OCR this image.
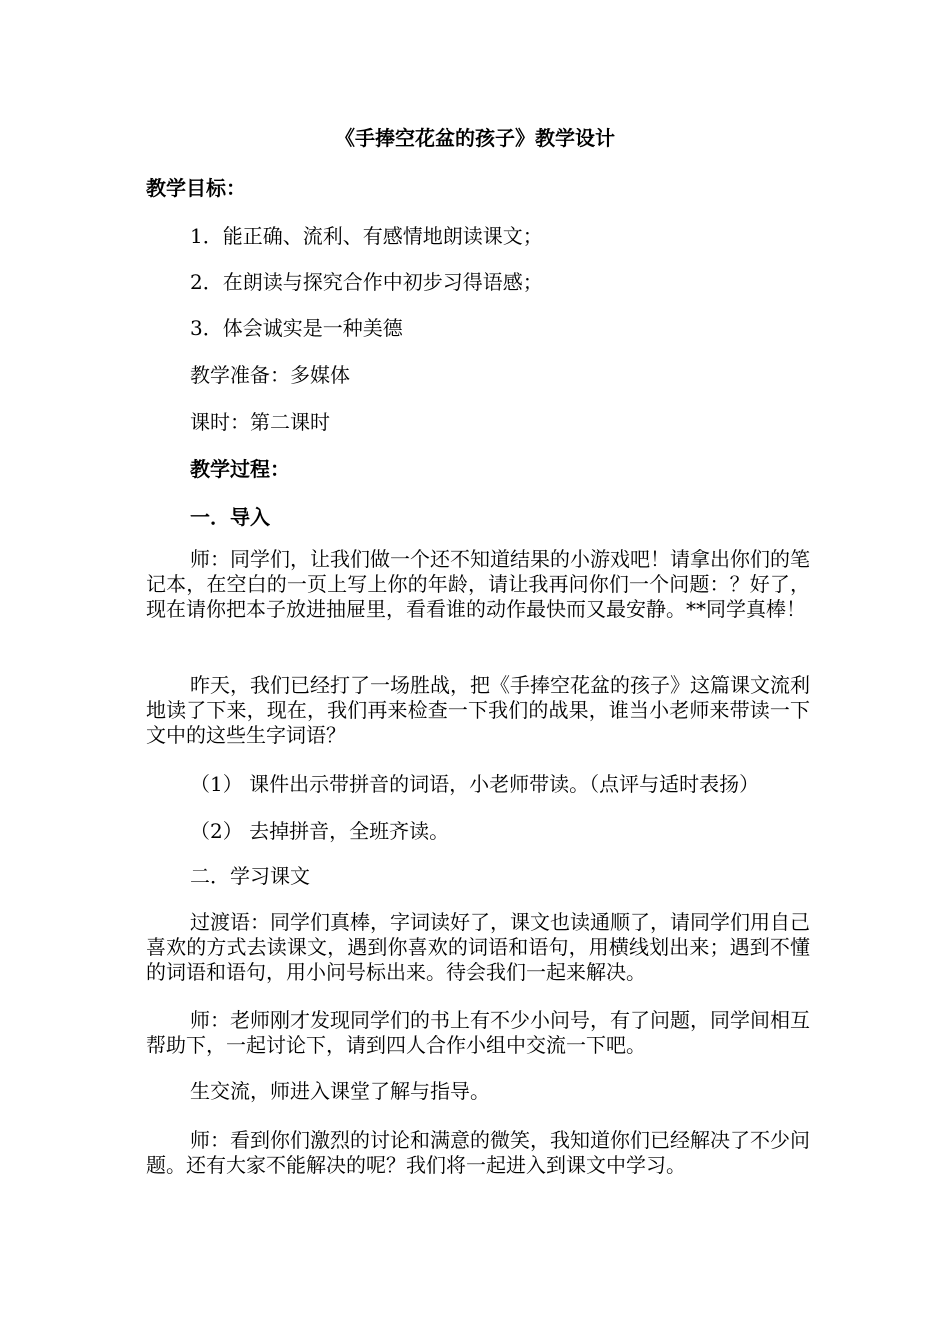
《手捧空花盆的孩子》教学设计
教学目标：
1．能正确、流利、有感情地朗读课文；
2．在朗读与探究合作中初步习得语感；
3．体会诚实是一种美德
教学准备：多媒体
课时：第二课时
教学过程：
一．导入
师：同学们，让我们做一个还不知道结果的小游戏吧！请拿出你们的笔记本，在空白的一页上写上你的年龄，请让我再问你们一个问题：？好了，现在请你把本子放进抽屉里，看看谁的动作最快而又最安静。**同学真棒！
昨天，我们已经打了一场胜战，把《手捧空花盆的孩子》这篇课文流利地读了下来，现在，我们再来检查一下我们的战果，谁当小老师来带读一下文中的这些生字词语？
（1） 课件出示带拼音的词语，小老师带读。（点评与适时表扬）
（2） 去掉拼音，全班齐读。
二．学习课文
过渡语：同学们真棒，字词读好了，课文也读通顺了，请同学们用自己喜欢的方式去读课文，遇到你喜欢的词语和语句，用横线划出来；遇到不懂的词语和语句，用小问号标出来。待会我们一起来解决。
师：老师刚才发现同学们的书上有不少小问号，有了问题，同学间相互帮助下，一起讨论下，请到四人合作小组中交流一下吧。
生交流，师进入课堂了解与指导。
师：看到你们激烈的讨论和满意的微笑，我知道你们已经解决了不少问题。还有大家不能解决的呢？我们将一起进入到课文中学习。
